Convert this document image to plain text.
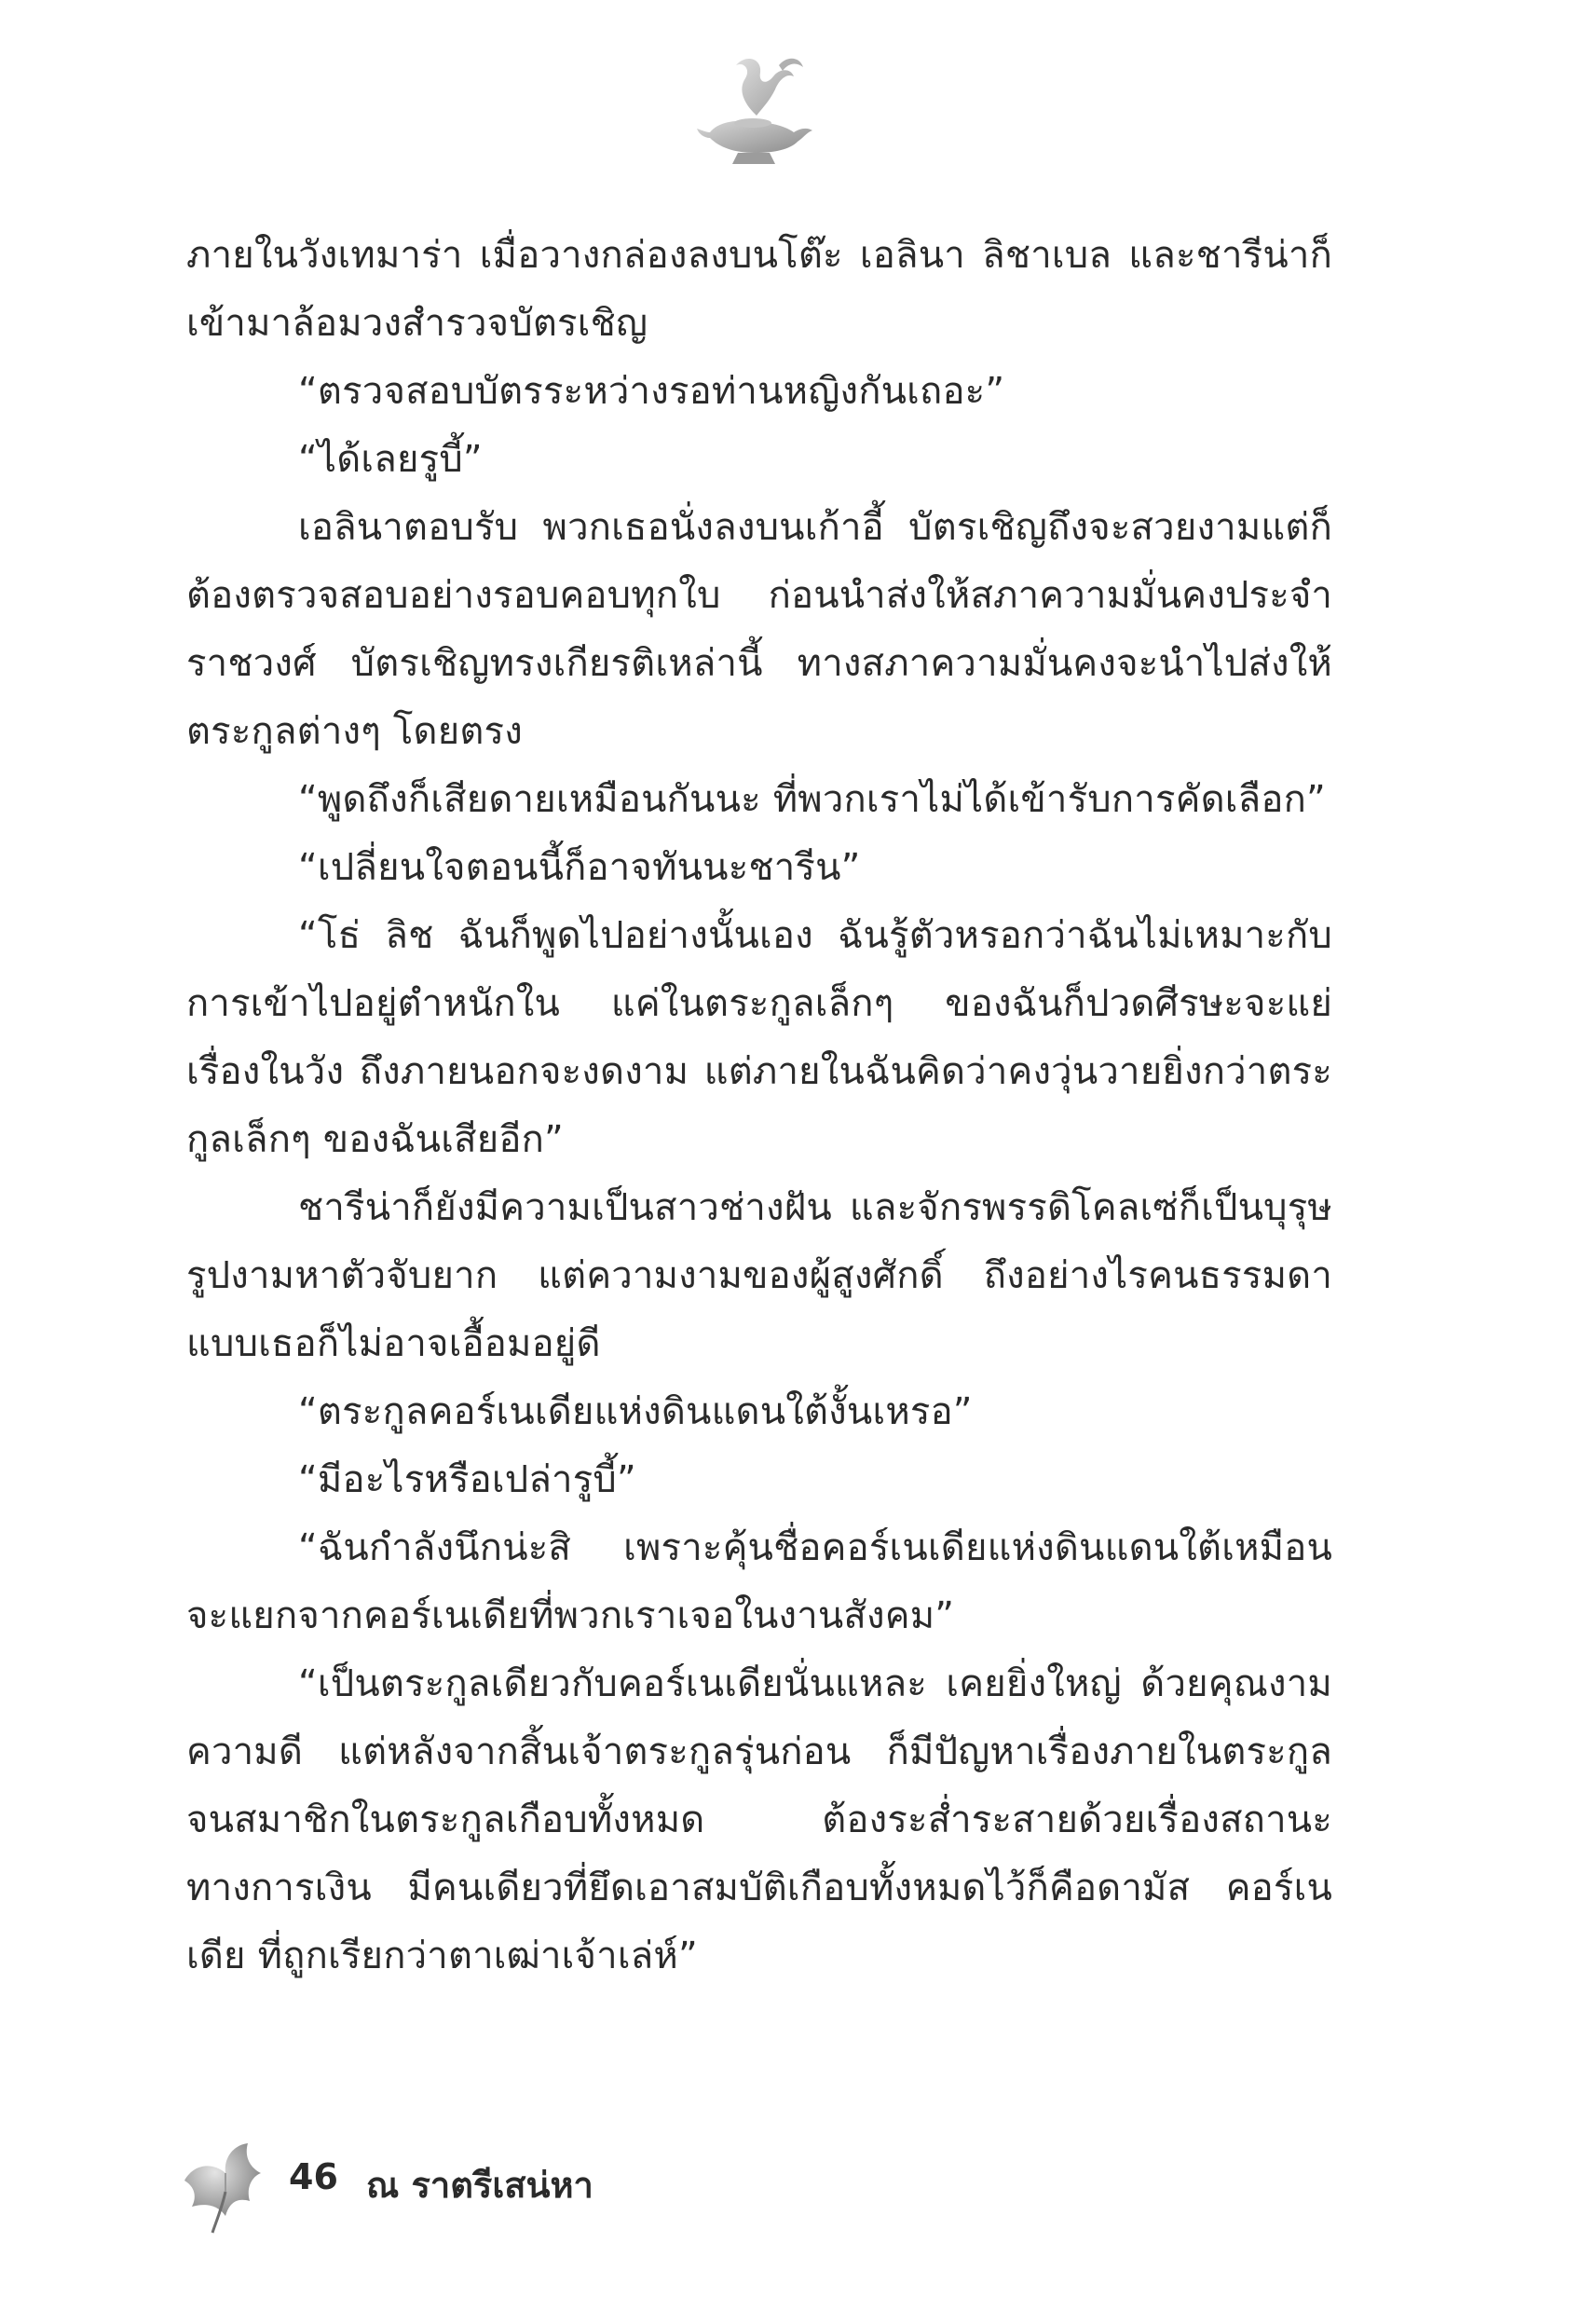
ภายในวังเทมาร่า เมื่อวางกล่องลงบนโต๊ะ เอลินา ลิชาเบล และชารีน่าก็เข้ามาล้อมวงสำรวจบัตรเชิญ

“ตรวจสอบบัตรระหว่างรอท่านหญิงกันเถอะ”

“ได้เลยรูบี้”

เอลินาตอบรับ พวกเธอนั่งลงบนเก้าอี้ บัตรเชิญถึงจะสวยงามแต่ก็ต้องตรวจสอบอย่างรอบคอบทุกใบ ก่อนนำส่งให้สภาความมั่นคงประจำราชวงศ์ บัตรเชิญทรงเกียรติเหล่านี้ ทางสภาความมั่นคงจะนำไปส่งให้ตระกูลต่างๆ โดยตรง

“พูดถึงก็เสียดายเหมือนกันนะ ที่พวกเราไม่ได้เข้ารับการคัดเลือก”

“เปลี่ยนใจตอนนี้ก็อาจทันนะชารีน”

“โธ่ ลิช ฉันก็พูดไปอย่างนั้นเอง ฉันรู้ตัวหรอกว่าฉันไม่เหมาะกับการเข้าไปอยู่ตำหนักใน แค่ในตระกูลเล็กๆ ของฉันก็ปวดศีรษะจะแย่ เรื่องในวัง ถึงภายนอกจะงดงาม แต่ภายในฉันคิดว่าคงวุ่นวายยิ่งกว่าตระกูลเล็กๆ ของฉันเสียอีก”

ชารีน่าก็ยังมีความเป็นสาวช่างฝัน และจักรพรรดิโคลเซ่ก็เป็นบุรุษรูปงามหาตัวจับยาก แต่ความงามของผู้สูงศักดิ์ ถึงอย่างไรคนธรรมดาแบบเธอก็ไม่อาจเอื้อมอยู่ดี

“ตระกูลคอร์เนเดียแห่งดินแดนใต้งั้นเหรอ”

“มีอะไรหรือเปล่ารูบี้”

“ฉันกำลังนึกน่ะสิ เพราะคุ้นชื่อคอร์เนเดียแห่งดินแดนใต้เหมือนจะแยกจากคอร์เนเดียที่พวกเราเจอในงานสังคม”

“เป็นตระกูลเดียวกับคอร์เนเดียนั่นแหละ เคยยิ่งใหญ่ ด้วยคุณงามความดี แต่หลังจากสิ้นเจ้าตระกูลรุ่นก่อน ก็มีปัญหาเรื่องภายในตระกูลจนสมาชิกในตระกูลเกือบทั้งหมด ต้องระส่ำระสายด้วยเรื่องสถานะทางการเงิน มีคนเดียวที่ยึดเอาสมบัติเกือบทั้งหมดไว้ก็คือดามัส คอร์เนเดีย ที่ถูกเรียกว่าตาเฒ่าเจ้าเล่ห์”

46 ณ ราตรีเสน่หา
